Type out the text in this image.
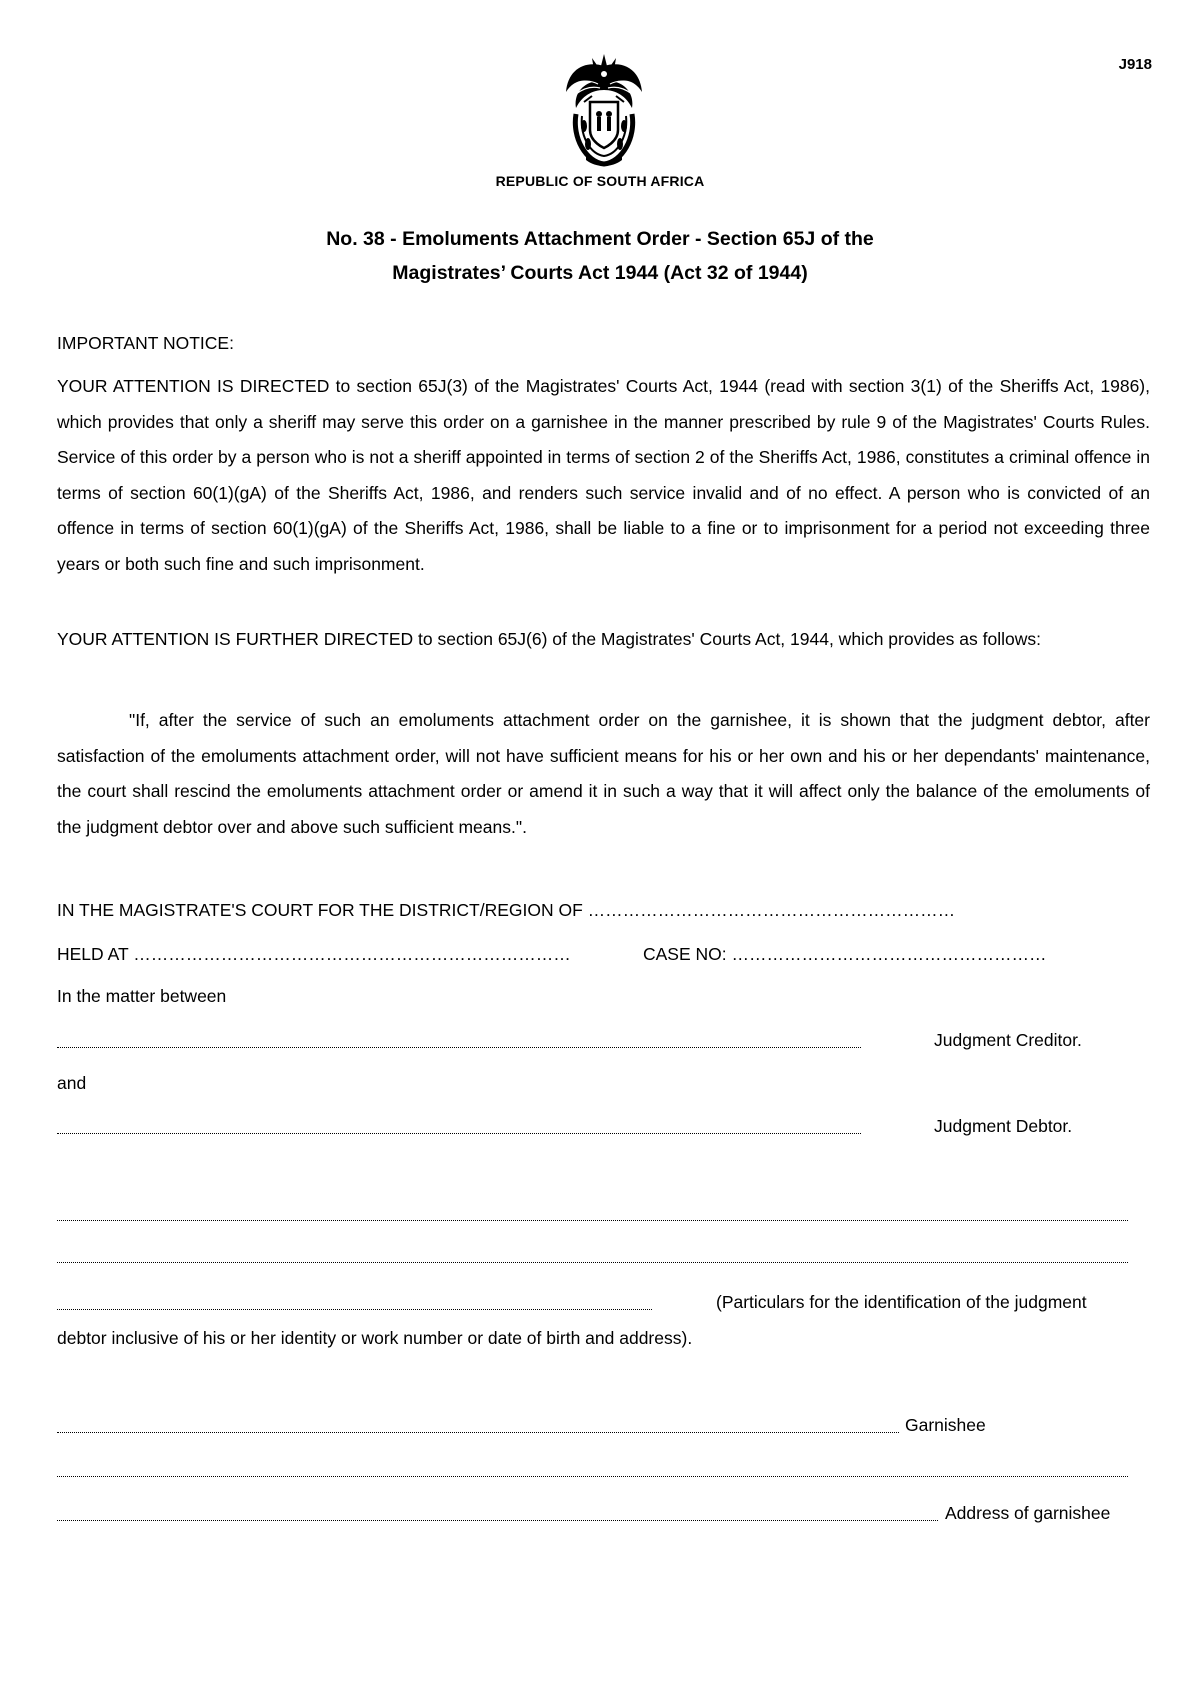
J918
REPUBLIC OF SOUTH AFRICA
No. 38 - Emoluments Attachment Order - Section 65J of the
Magistrates’ Courts Act 1944 (Act 32 of 1944)
IMPORTANT NOTICE:
YOUR ATTENTION IS DIRECTED to section 65J(3) of the Magistrates' Courts Act, 1944 (read with section 3(1) of the Sheriffs Act, 1986), which provides that only a sheriff may serve this order on a garnishee in the manner prescribed by rule 9 of the Magistrates' Courts Rules. Service of this order by a person who is not a sheriff appointed in terms of section 2 of the Sheriffs Act, 1986, constitutes a criminal offence in terms of section 60(1)(gA) of the Sheriffs Act, 1986, and renders such service invalid and of no effect. A person who is convicted of an offence in terms of section 60(1)(gA) of the Sheriffs Act, 1986, shall be liable to a fine or to imprisonment for a period not exceeding three years or both such fine and such imprisonment.
YOUR ATTENTION IS FURTHER DIRECTED to section 65J(6) of the Magistrates' Courts Act, 1944, which provides as follows:
"If, after the service of such an emoluments attachment order on the garnishee, it is shown that the judgment debtor, after satisfaction of the emoluments attachment order, will not have sufficient means for his or her own and his or her dependants' maintenance, the court shall rescind the emoluments attachment order or amend it in such a way that it will affect only the balance of the emoluments of the judgment debtor over and above such sufficient means.".
IN THE MAGISTRATE'S COURT FOR THE DISTRICT/REGION OF ………………………………………………………
HELD AT …………………………………………………………………	CASE NO: ………………………………………………
In the matter between
Judgment Creditor.
and
Judgment Debtor.
(Particulars for the identification of the judgment
debtor inclusive of his or her identity or work number or date of birth and address).
Garnishee
Address of garnishee
